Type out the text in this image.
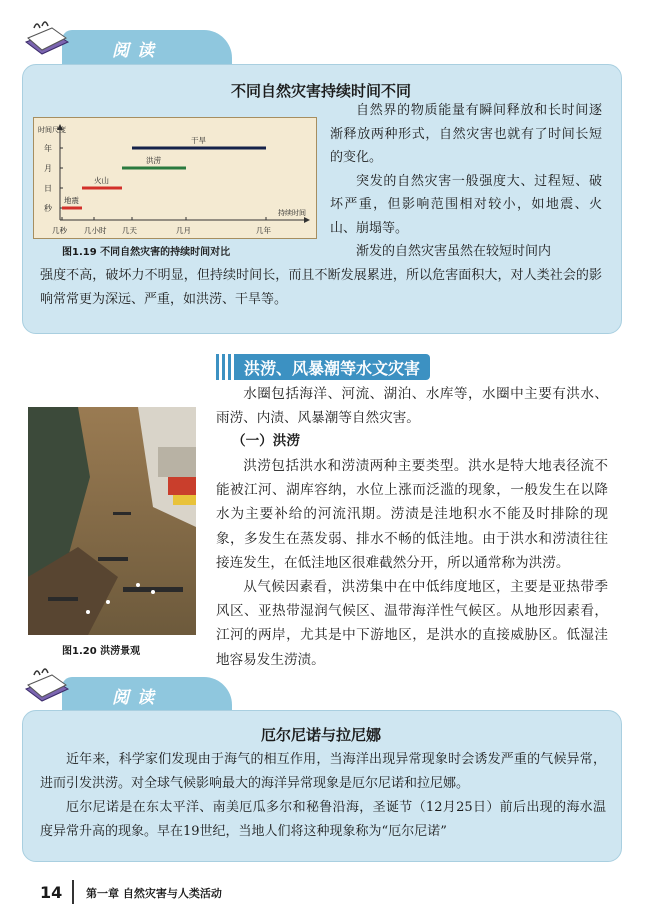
阅读
不同自然灾害持续时间不同
时间尺度
持续时间
年
月
日
秒
几秒 几小时 几天	几月	几年
地震
火山
洪涝
干旱
图1.19 不同自然灾害的持续时间对比
自然界的物质能量有瞬间释放和长时间逐渐释放两种形式，自然灾害也就有了时间长短的变化。
突发的自然灾害一般强度大、过程短、破坏严重，但影响范围相对较小，如地震、火山、崩塌等。
渐发的自然灾害虽然在较短时间内
强度不高，破坏力不明显，但持续时间长，而且不断发展累进，所以危害面积大，对人类社会的影响常常更为深远、严重，如洪涝、干旱等。
洪涝、风暴潮等水文灾害
水圈包括海洋、河流、湖泊、水库等，水圈中主要有洪水、雨涝、内渍、风暴潮等自然灾害。
（一）洪涝
洪涝包括洪水和涝渍两种主要类型。洪水是特大地表径流不能被江河、湖库容纳，水位上涨而泛滥的现象，一般发生在以降水为主要补给的河流汛期。涝渍是洼地积水不能及时排除的现象，多发生在蒸发弱、排水不畅的低洼地。由于洪水和涝渍往往接连发生，在低洼地区很难截然分开，所以通常称为洪涝。
从气候因素看，洪涝集中在中低纬度地区，主要是亚热带季风区、亚热带湿润气候区、温带海洋性气候区。从地形因素看，江河的两岸，尤其是中下游地区，是洪水的直接威胁区。低湿洼地容易发生涝渍。
图1.20 洪涝景观
阅读
厄尔尼诺与拉尼娜
近年来，科学家们发现由于海气的相互作用，当海洋出现异常现象时会诱发严重的气候异常，进而引发洪涝。对全球气候影响最大的海洋异常现象是厄尔尼诺和拉尼娜。
厄尔尼诺是在东太平洋、南美厄瓜多尔和秘鲁沿海，圣诞节（12月25日）前后出现的海水温度异常升高的现象。早在19世纪，当地人们将这种现象称为“厄尔尼诺”
14 第一章 自然灾害与人类活动
